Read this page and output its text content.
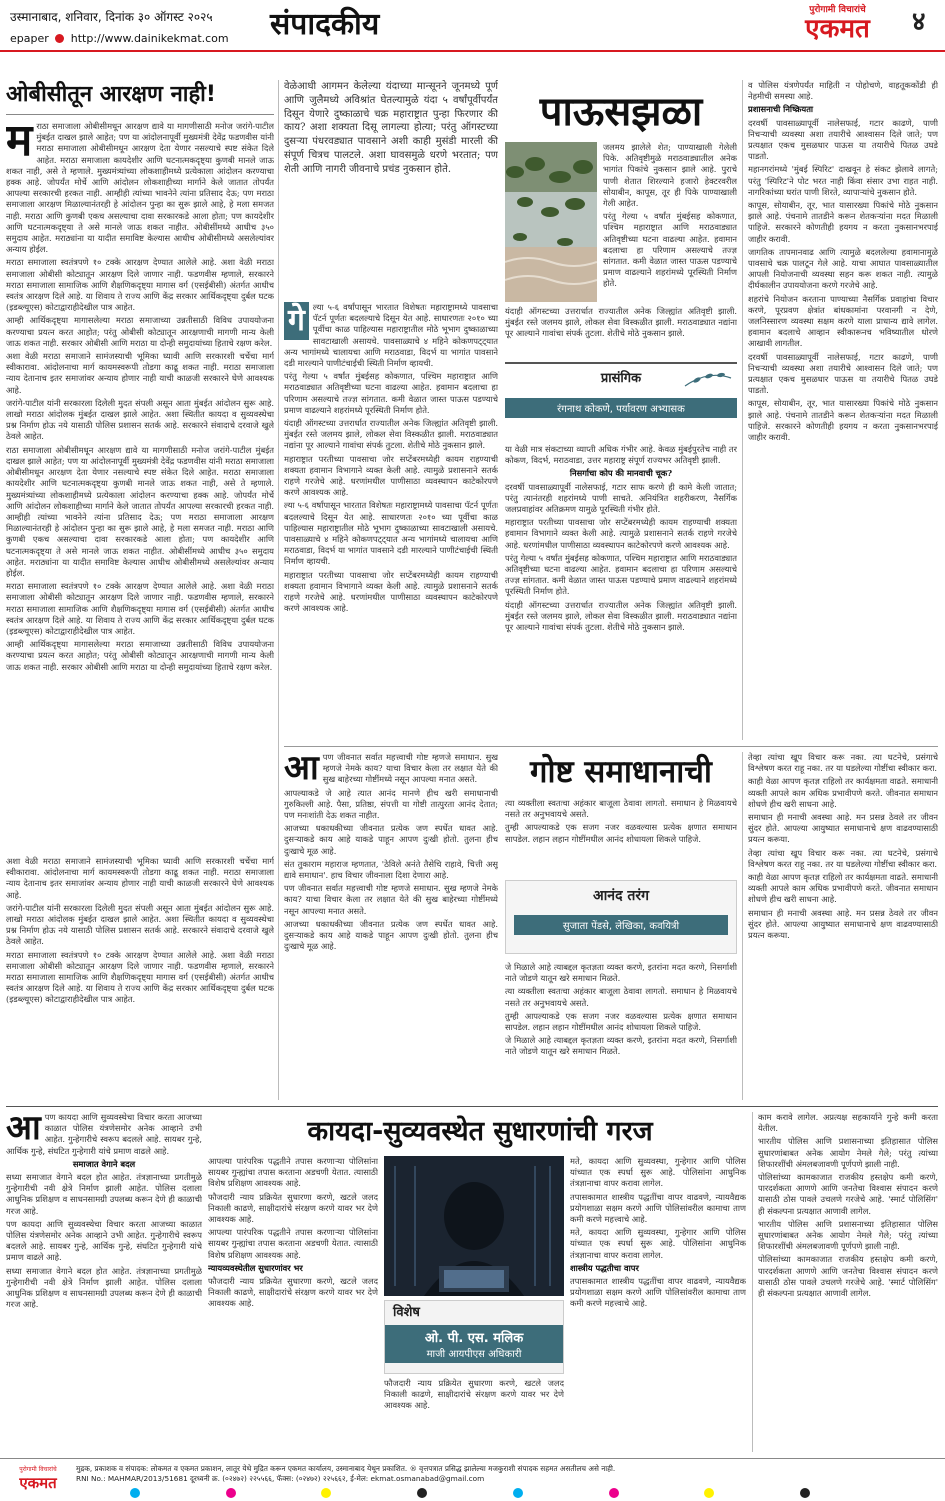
उस्मानाबाद, शनिवार, दिनांक ३० ऑगस्ट २०२५ संपादकीय
epaper http://www.dainikekmat.com
पुरोगामी विचारांचे
एकमत	४
ओबीसीतून आरक्षण नाही!
म राठा समाजाला ओबीसीमधून आरक्षण द्यावे या मागणीसाठी मनोज जरांगे-पाटील मुंबईत दाखल झाले आहेत; पण या आंदोलनापूर्वी मुख्यमंत्री देवेंद्र फडणवीस यांनी मराठा समाजाला ओबीसीमधून आरक्षण देता येणार नसल्याचे स्पष्ट संकेत दिले आहेत. मराठा समाजाला कायदेशीर आणि घटनात्मकदृष्ट्या कुणबी मानले जाऊ शकत नाही, असे ते म्हणाले. मुख्यमंत्र्यांच्या लोकशाहीमध्ये प्रत्येकाला आंदोलन करण्याचा हक्क आहे. जोपर्यंत मोर्चे आणि आंदोलन लोकशाहीच्या मार्गाने केले जातात तोपर्यंत आपल्या सरकारची हरकत नाही. आम्हीही त्यांच्या भावनेने त्यांना प्रतिसाद देऊ; पण मराठा समाजाला आरक्षण मिळाल्यानंतरही हे आंदोलन पुन्हा का सुरू झाले आहे, हे मला समजत नाही. मराठा आणि कुणबी एकच असल्याचा दावा सरकारकडे आला होता; पण कायदेशीर आणि घटनात्मकदृष्ट्या ते असे मानले जाऊ शकत नाहीत. ओबीसींमध्ये आधीच ३५० समुदाय आहेत. मराठ्यांना या यादीत समाविष्ट केल्यास आधीच ओबीसीमध्ये असलेल्यांवर अन्याय होईल.

मराठा समाजाला स्वतंत्रपणे १० टक्के आरक्षण देण्यात आलेले आहे. अशा वेळी मराठा समाजाला ओबीसी कोट्यातून आरक्षण दिले जाणार नाही. फडणवीस म्हणाले, सरकारने मराठा समाजाला सामाजिक आणि शैक्षणिकदृष्ट्या मागास वर्ग (एसईबीसी) अंतर्गत आधीच स्वतंत्र आरक्षण दिले आहे. या शिवाय ते राज्य आणि केंद्र सरकार आर्थिकदृष्ट्या दुर्बल घटक (इडब्ल्यूएस) कोटाद्वाराहीदेखील पात्र आहेत.

आम्ही आर्थिकदृष्ट्या मागासलेल्या मराठा समाजाच्या उन्नतीसाठी विविध उपाययोजना करण्याचा प्रयत्न करत आहोत; परंतु ओबीसी कोट्यातून आरक्षणाची मागणी मान्य केली जाऊ शकत नाही. सरकार ओबीसी आणि मराठा या दोन्ही समुदायांच्या हिताचे रक्षण करेल.

अशा वेळी मराठा समाजाने सामंजस्याची भूमिका घ्यावी आणि सरकारशी चर्चेचा मार्ग स्वीकारावा. आंदोलनाचा मार्ग कायमस्वरूपी तोडगा काढू शकत नाही. मराठा समाजाला न्याय देतानाच इतर समाजांवर अन्याय होणार नाही याची काळजी सरकारने घेणे आवश्यक आहे.

जरांगे-पाटील यांनी सरकारला दिलेली मुदत संपली असून आता मुंबईत आंदोलन सुरू आहे. लाखो मराठा आंदोलक मुंबईत दाखल झाले आहेत. अशा स्थितीत कायदा व सुव्यवस्थेचा प्रश्न निर्माण होऊ नये यासाठी पोलिस प्रशासन सतर्क आहे. सरकारने संवादाचे दरवाजे खुले ठेवले आहेत.

राठा समाजाला ओबीसीमधून आरक्षण द्यावे या मागणीसाठी मनोज जरांगे-पाटील मुंबईत दाखल झाले आहेत; पण या आंदोलनापूर्वी मुख्यमंत्री देवेंद्र फडणवीस यांनी मराठा समाजाला ओबीसीमधून आरक्षण देता येणार नसल्याचे स्पष्ट संकेत दिले आहेत. मराठा समाजाला कायदेशीर आणि घटनात्मकदृष्ट्या कुणबी मानले जाऊ शकत नाही, असे ते म्हणाले. मुख्यमंत्र्यांच्या लोकशाहीमध्ये प्रत्येकाला आंदोलन करण्याचा हक्क आहे. जोपर्यंत मोर्चे आणि आंदोलन लोकशाहीच्या मार्गाने केले जातात तोपर्यंत आपल्या सरकारची हरकत नाही. आम्हीही त्यांच्या भावनेने त्यांना प्रतिसाद देऊ; पण मराठा समाजाला आरक्षण मिळाल्यानंतरही हे आंदोलन पुन्हा का सुरू झाले आहे, हे मला समजत नाही. मराठा आणि कुणबी एकच असल्याचा दावा सरकारकडे आला होता; पण कायदेशीर आणि घटनात्मकदृष्ट्या ते असे मानले जाऊ शकत नाहीत. ओबीसींमध्ये आधीच ३५० समुदाय आहेत. मराठ्यांना या यादीत समाविष्ट केल्यास आधीच ओबीसीमध्ये असलेल्यांवर अन्याय होईल.

मराठा समाजाला स्वतंत्रपणे १० टक्के आरक्षण देण्यात आलेले आहे. अशा वेळी मराठा समाजाला ओबीसी कोट्यातून आरक्षण दिले जाणार नाही. फडणवीस म्हणाले, सरकारने मराठा समाजाला सामाजिक आणि शैक्षणिकदृष्ट्या मागास वर्ग (एसईबीसी) अंतर्गत आधीच स्वतंत्र आरक्षण दिले आहे. या शिवाय ते राज्य आणि केंद्र सरकार आर्थिकदृष्ट्या दुर्बल घटक (इडब्ल्यूएस) कोटाद्वाराहीदेखील पात्र आहेत.

आम्ही आर्थिकदृष्ट्या मागासलेल्या मराठा समाजाच्या उन्नतीसाठी विविध उपाययोजना करण्याचा प्रयत्न करत आहोत; परंतु ओबीसी कोट्यातून आरक्षणाची मागणी मान्य केली जाऊ शकत नाही. सरकार ओबीसी आणि मराठा या दोन्ही समुदायांच्या हिताचे रक्षण करेल.

वेळेआधी आगमन केलेल्या यंदाच्या मान्सूनने जूनमध्ये पूर्ण आणि जुलैमध्ये अविश्रांत घेतल्यामुळे यंदा ५ वर्षांपूर्वीपर्यंत दिसून येणारे दुष्काळाचे चक्र महाराष्ट्रात पुन्हा फिरणार की काय? अशा शक्यता दिसू लागल्या होत्या; परंतु ऑगस्टच्या दुसऱ्या पंधरवड्यात पावसाने अशी काही मुसंडी मारली की संपूर्ण चित्रच पालटले. अशा घावसमुळे धरणे भरतात; पण शेती आणि नागरी जीवनाचे प्रचंड नुकसान होते.

पाऊसझळा

जलमय झालेले शेत; पाण्याखाली गेलेली पिके. अतिवृष्टीमुळे मराठवाड्यातील अनेक भागांत पिकांचे नुकसान झाले आहे. पुराचे पाणी शेतात शिरल्याने हजारो हेक्टरवरील सोयाबीन, कापूस, तूर ही पिके पाण्याखाली गेली आहेत.

परंतु गेल्या ५ वर्षांत मुंबईसह कोकणात, पश्चिम महाराष्ट्रात आणि मराठवाड्यात अतिवृष्टीच्या घटना वाढल्या आहेत. हवामान बदलाचा हा परिणाम असल्याचे तज्ज्ञ सांगतात. कमी वेळात जास्त पाऊस पडण्याचे प्रमाण वाढल्याने शहरांमध्ये पूरस्थिती निर्माण होते.

यंदाही ऑगस्टच्या उत्तरार्धात राज्यातील अनेक जिल्ह्यांत अतिवृष्टी झाली. मुंबईत रस्ते जलमय झाले, लोकल सेवा विस्कळीत झाली. मराठवाड्यात नद्यांना पूर आल्याने गावांचा संपर्क तुटला. शेतीचे मोठे नुकसान झाले.

गे ल्या ५-६ वर्षांपासून भारतात विशेषतः महाराष्ट्रामध्ये पावसाचा पॅटर्न पूर्णतः बदलल्याचे दिसून येत आहे. साधारणतः २०१० च्या पूर्वीचा काळ पाहिल्यास महाराष्ट्रातील मोठे भूभाग दुष्काळाच्या सावटाखाली असायचे. पावसाळ्याचे ४ महिने कोकणपट्ट्यात अन्य भागांमध्ये चालायचा आणि मराठवाडा, विदर्भ या भागांत पावसाने दडी मारल्याने पाणीटंचाईची स्थिती निर्माण व्हायची.

परंतु गेल्या ५ वर्षांत मुंबईसह कोकणात, पश्चिम महाराष्ट्रात आणि मराठवाड्यात अतिवृष्टीच्या घटना वाढल्या आहेत. हवामान बदलाचा हा परिणाम असल्याचे तज्ज्ञ सांगतात. कमी वेळात जास्त पाऊस पडण्याचे प्रमाण वाढल्याने शहरांमध्ये पूरस्थिती निर्माण होते.

यंदाही ऑगस्टच्या उत्तरार्धात राज्यातील अनेक जिल्ह्यांत अतिवृष्टी झाली. मुंबईत रस्ते जलमय झाले, लोकल सेवा विस्कळीत झाली. मराठवाड्यात नद्यांना पूर आल्याने गावांचा संपर्क तुटला. शेतीचे मोठे नुकसान झाले.

महाराष्ट्रात परतीच्या पावसाचा जोर सप्टेंबरमध्येही कायम राहण्याची शक्यता हवामान विभागाने व्यक्त केली आहे. त्यामुळे प्रशासनाने सतर्क राहणे गरजेचे आहे. धरणांमधील पाणीसाठा व्यवस्थापन काटेकोरपणे करणे आवश्यक आहे.

ल्या ५-६ वर्षांपासून भारतात विशेषतः महाराष्ट्रामध्ये पावसाचा पॅटर्न पूर्णतः बदलल्याचे दिसून येत आहे. साधारणतः २०१० च्या पूर्वीचा काळ पाहिल्यास महाराष्ट्रातील मोठे भूभाग दुष्काळाच्या सावटाखाली असायचे. पावसाळ्याचे ४ महिने कोकणपट्ट्यात अन्य भागांमध्ये चालायचा आणि मराठवाडा, विदर्भ या भागांत पावसाने दडी मारल्याने पाणीटंचाईची स्थिती निर्माण व्हायची.

महाराष्ट्रात परतीच्या पावसाचा जोर सप्टेंबरमध्येही कायम राहण्याची शक्यता हवामान विभागाने व्यक्त केली आहे. त्यामुळे प्रशासनाने सतर्क राहणे गरजेचे आहे. धरणांमधील पाणीसाठा व्यवस्थापन काटेकोरपणे करणे आवश्यक आहे.

प्रासंगिक
रंगनाथ कोकणे, पर्यावरण अभ्यासक

या वेळी मात्र संकटाच्या व्याप्ती अधिक गंभीर आहे. केवळ मुंबईपुरतेच नाही तर कोकण, विदर्भ, मराठवाडा, उत्तर महाराष्ट्र संपूर्ण राज्यभर अतिवृष्टी झाली.

निसर्गाचा कोप की मानवाची चूक?

दरवर्षी पावसाळ्यापूर्वी नालेसफाई, गटार साफ करणे ही कामे केली जातात; परंतु त्यानंतरही शहरांमध्ये पाणी साचते. अनियंत्रित शहरीकरण, नैसर्गिक जलप्रवाहांवर अतिक्रमण यामुळे पूरस्थिती गंभीर होते.

महाराष्ट्रात परतीच्या पावसाचा जोर सप्टेंबरमध्येही कायम राहण्याची शक्यता हवामान विभागाने व्यक्त केली आहे. त्यामुळे प्रशासनाने सतर्क राहणे गरजेचे आहे. धरणांमधील पाणीसाठा व्यवस्थापन काटेकोरपणे करणे आवश्यक आहे.

परंतु गेल्या ५ वर्षांत मुंबईसह कोकणात, पश्चिम महाराष्ट्रात आणि मराठवाड्यात अतिवृष्टीच्या घटना वाढल्या आहेत. हवामान बदलाचा हा परिणाम असल्याचे तज्ज्ञ सांगतात. कमी वेळात जास्त पाऊस पडण्याचे प्रमाण वाढल्याने शहरांमध्ये पूरस्थिती निर्माण होते.

यंदाही ऑगस्टच्या उत्तरार्धात राज्यातील अनेक जिल्ह्यांत अतिवृष्टी झाली. मुंबईत रस्ते जलमय झाले, लोकल सेवा विस्कळीत झाली. मराठवाड्यात नद्यांना पूर आल्याने गावांचा संपर्क तुटला. शेतीचे मोठे नुकसान झाले.

व पोलिस यंत्रणेपर्यंत माहिती न पोहोचणे, वाहतूककोंडी ही नेहमीची समस्या आहे.

प्रशासनाची निष्क्रियता

दरवर्षी पावसाळ्यापूर्वी नालेसफाई, गटार काढणे, पाणी निचऱ्याची व्यवस्था अशा तयारीचे आश्वासन दिले जाते; पण प्रत्यक्षात एकच मुसळधार पाऊस या तयारीचे पितळ उघडे पाडतो.

महानगरांमध्ये 'मुंबई स्पिरिट' दाखवून हे संकट झेलावे लागते; परंतु 'स्पिरिट'ने पोट भरत नाही किंवा संसार उभा राहत नाही. नागरिकांच्या घरांत पाणी शिरते, व्यापाऱ्यांचे नुकसान होते.

कापूस, सोयाबीन, तूर, भात यासारख्या पिकांचे मोठे नुकसान झाले आहे. पंचनामे तातडीने करून शेतकऱ्यांना मदत मिळाली पाहिजे. सरकारने कोणतीही हयगय न करता नुकसानभरपाई जाहीर करावी.

जागतिक तापमानवाढ आणि त्यामुळे बदललेल्या हवामानामुळे पावसाचे चक्र पालटून गेले आहे. याचा आघात पावसाळ्यातील आपली नियोजनाची व्यवस्था सहन करू शकत नाही. त्यामुळे दीर्घकालीन उपाययोजना करणे गरजेचे आहे.

शहरांचे नियोजन करताना पाण्याच्या नैसर्गिक प्रवाहांचा विचार करणे, पूरप्रवण क्षेत्रांत बांधकामांना परवानगी न देणे, जलनिस्सारण व्यवस्था सक्षम करणे याला प्राधान्य द्यावे लागेल. हवामान बदलाचे आव्हान स्वीकारूनच भविष्यातील धोरणे आखावी लागतील.

दरवर्षी पावसाळ्यापूर्वी नालेसफाई, गटार काढणे, पाणी निचऱ्याची व्यवस्था अशा तयारीचे आश्वासन दिले जाते; पण प्रत्यक्षात एकच मुसळधार पाऊस या तयारीचे पितळ उघडे पाडतो.

कापूस, सोयाबीन, तूर, भात यासारख्या पिकांचे मोठे नुकसान झाले आहे. पंचनामे तातडीने करून शेतकऱ्यांना मदत मिळाली पाहिजे. सरकारने कोणतीही हयगय न करता नुकसानभरपाई जाहीर करावी.

आ पण जीवनात सर्वात महत्त्वाची गोष्ट म्हणजे समाधान. सुख म्हणजे नेमके काय? याचा विचार केला तर लक्षात येते की सुख बाहेरच्या गोष्टींमध्ये नसून आपल्या मनात असते.

आपल्याकडे जे आहे त्यात आनंद मानणे हीच खरी समाधानाची गुरुकिल्ली आहे. पैसा, प्रतिष्ठा, संपत्ती या गोष्टी तात्पुरता आनंद देतात; पण मनःशांती देऊ शकत नाहीत.

आजच्या धकाधकीच्या जीवनात प्रत्येक जण स्पर्धेत धावत आहे. दुसऱ्याकडे काय आहे याकडे पाहून आपण दुःखी होतो. तुलना हीच दुःखाचे मूळ आहे.

संत तुकाराम महाराज म्हणतात, 'ठेविले अनंते तैसेचि राहावे, चित्ती असू द्यावे समाधान'. हाच विचार जीवनाला दिशा देणारा आहे.

पण जीवनात सर्वात महत्त्वाची गोष्ट म्हणजे समाधान. सुख म्हणजे नेमके काय? याचा विचार केला तर लक्षात येते की सुख बाहेरच्या गोष्टींमध्ये नसून आपल्या मनात असते.

आजच्या धकाधकीच्या जीवनात प्रत्येक जण स्पर्धेत धावत आहे. दुसऱ्याकडे काय आहे याकडे पाहून आपण दुःखी होतो. तुलना हीच दुःखाचे मूळ आहे.

गोष्ट समाधानाची

त्या व्यक्तीला स्वतःचा अहंकार बाजूला ठेवावा लागतो. समाधान हे मिळवायचे नसते तर अनुभवायचे असते.

तुम्ही आपल्याकडे एक सजग नजर वळवल्यास प्रत्येक क्षणात समाधान सापडेल. लहान लहान गोष्टींमधील आनंद शोधायला शिकले पाहिजे.

आनंद तरंग
सुजाता पेंडसे, लेखिका, कवयित्री

जे मिळाले आहे त्याबद्दल कृतज्ञता व्यक्त करणे, इतरांना मदत करणे, निसर्गाशी नाते जोडणे यातून खरे समाधान मिळते.

त्या व्यक्तीला स्वतःचा अहंकार बाजूला ठेवावा लागतो. समाधान हे मिळवायचे नसते तर अनुभवायचे असते.

तुम्ही आपल्याकडे एक सजग नजर वळवल्यास प्रत्येक क्षणात समाधान सापडेल. लहान लहान गोष्टींमधील आनंद शोधायला शिकले पाहिजे.

जे मिळाले आहे त्याबद्दल कृतज्ञता व्यक्त करणे, इतरांना मदत करणे, निसर्गाशी नाते जोडणे यातून खरे समाधान मिळते.

तेव्हा त्यांचा खूप विचार करू नका. त्या घटनेचे, प्रसंगाचे विश्लेषण करत राहू नका. तर या घडलेल्या गोष्टींचा स्वीकार करा.

काही वेळा आपण कृतज्ञ राहिलो तर कार्यक्षमता वाढते. समाधानी व्यक्ती आपले काम अधिक प्रभावीपणे करते. जीवनात समाधान शोधणे हीच खरी साधना आहे.

समाधान ही मनाची अवस्था आहे. मन प्रसन्न ठेवले तर जीवन सुंदर होते. आपल्या आयुष्यात समाधानाचे क्षण वाढवण्यासाठी प्रयत्न करूया.

तेव्हा त्यांचा खूप विचार करू नका. त्या घटनेचे, प्रसंगाचे विश्लेषण करत राहू नका. तर या घडलेल्या गोष्टींचा स्वीकार करा.

काही वेळा आपण कृतज्ञ राहिलो तर कार्यक्षमता वाढते. समाधानी व्यक्ती आपले काम अधिक प्रभावीपणे करते. जीवनात समाधान शोधणे हीच खरी साधना आहे.

समाधान ही मनाची अवस्था आहे. मन प्रसन्न ठेवले तर जीवन सुंदर होते. आपल्या आयुष्यात समाधानाचे क्षण वाढवण्यासाठी प्रयत्न करूया.

अशा वेळी मराठा समाजाने सामंजस्याची भूमिका घ्यावी आणि सरकारशी चर्चेचा मार्ग स्वीकारावा. आंदोलनाचा मार्ग कायमस्वरूपी तोडगा काढू शकत नाही. मराठा समाजाला न्याय देतानाच इतर समाजांवर अन्याय होणार नाही याची काळजी सरकारने घेणे आवश्यक आहे.

जरांगे-पाटील यांनी सरकारला दिलेली मुदत संपली असून आता मुंबईत आंदोलन सुरू आहे. लाखो मराठा आंदोलक मुंबईत दाखल झाले आहेत. अशा स्थितीत कायदा व सुव्यवस्थेचा प्रश्न निर्माण होऊ नये यासाठी पोलिस प्रशासन सतर्क आहे. सरकारने संवादाचे दरवाजे खुले ठेवले आहेत.

मराठा समाजाला स्वतंत्रपणे १० टक्के आरक्षण देण्यात आलेले आहे. अशा वेळी मराठा समाजाला ओबीसी कोट्यातून आरक्षण दिले जाणार नाही. फडणवीस म्हणाले, सरकारने मराठा समाजाला सामाजिक आणि शैक्षणिकदृष्ट्या मागास वर्ग (एसईबीसी) अंतर्गत आधीच स्वतंत्र आरक्षण दिले आहे. या शिवाय ते राज्य आणि केंद्र सरकार आर्थिकदृष्ट्या दुर्बल घटक (इडब्ल्यूएस) कोटाद्वाराहीदेखील पात्र आहेत.

कायदा-सुव्यवस्थेत सुधारणांची गरज
आ पण कायदा आणि सुव्यवस्थेचा विचार करता आजच्या काळात पोलिस यंत्रणेसमोर अनेक आव्हाने उभी आहेत. गुन्हेगारीचे स्वरूप बदलले आहे. सायबर गुन्हे, आर्थिक गुन्हे, संघटित गुन्हेगारी यांचे प्रमाण वाढले आहे.

समाजात वेगाने बदल

सध्या समाजात वेगाने बदल होत आहेत. तंत्रज्ञानाच्या प्रगतीमुळे गुन्हेगारीची नवी क्षेत्रे निर्माण झाली आहेत. पोलिस दलाला आधुनिक प्रशिक्षण व साधनसामग्री उपलब्ध करून देणे ही काळाची गरज आहे.

पण कायदा आणि सुव्यवस्थेचा विचार करता आजच्या काळात पोलिस यंत्रणेसमोर अनेक आव्हाने उभी आहेत. गुन्हेगारीचे स्वरूप बदलले आहे. सायबर गुन्हे, आर्थिक गुन्हे, संघटित गुन्हेगारी यांचे प्रमाण वाढले आहे.

सध्या समाजात वेगाने बदल होत आहेत. तंत्रज्ञानाच्या प्रगतीमुळे गुन्हेगारीची नवी क्षेत्रे निर्माण झाली आहेत. पोलिस दलाला आधुनिक प्रशिक्षण व साधनसामग्री उपलब्ध करून देणे ही काळाची गरज आहे.

आपल्या पारंपरिक पद्धतीने तपास करणाऱ्या पोलिसांना सायबर गुन्ह्यांचा तपास करताना अडचणी येतात. त्यासाठी विशेष प्रशिक्षण आवश्यक आहे.

फौजदारी न्याय प्रक्रियेत सुधारणा करणे, खटले जलद निकाली काढणे, साक्षीदारांचे संरक्षण करणे यावर भर देणे आवश्यक आहे.

आपल्या पारंपरिक पद्धतीने तपास करणाऱ्या पोलिसांना सायबर गुन्ह्यांचा तपास करताना अडचणी येतात. त्यासाठी विशेष प्रशिक्षण आवश्यक आहे.

न्यायव्यवस्थेतील सुधारणांवर भर

फौजदारी न्याय प्रक्रियेत सुधारणा करणे, खटले जलद निकाली काढणे, साक्षीदारांचे संरक्षण करणे यावर भर देणे आवश्यक आहे.

विशेष
ओ. पी. एस. मलिक
माजी आयपीएस अधिकारी

फौजदारी न्याय प्रक्रियेत सुधारणा करणे, खटले जलद निकाली काढणे, साक्षीदारांचे संरक्षण करणे यावर भर देणे आवश्यक आहे.

मते, कायदा आणि सुव्यवस्था, गुन्हेगार आणि पोलिस यांच्यात एक स्पर्धा सुरू आहे. पोलिसांना आधुनिक तंत्रज्ञानाचा वापर करावा लागेल.

तपासकामात शास्त्रीय पद्धतींचा वापर वाढवणे, न्यायवैद्यक प्रयोगशाळा सक्षम करणे आणि पोलिसांवरील कामाचा ताण कमी करणे महत्त्वाचे आहे.

मते, कायदा आणि सुव्यवस्था, गुन्हेगार आणि पोलिस यांच्यात एक स्पर्धा सुरू आहे. पोलिसांना आधुनिक तंत्रज्ञानाचा वापर करावा लागेल.

शास्त्रीय पद्धतीचा वापर

तपासकामात शास्त्रीय पद्धतींचा वापर वाढवणे, न्यायवैद्यक प्रयोगशाळा सक्षम करणे आणि पोलिसांवरील कामाचा ताण कमी करणे महत्त्वाचे आहे.

काम करावे लागेल. अप्रत्यक्ष सहकार्याने गुन्हे कमी करता येतील.

भारतीय पोलिस आणि प्रशासनाच्या इतिहासात पोलिस सुधारणांबाबत अनेक आयोग नेमले गेले; परंतु त्यांच्या शिफारशींची अंमलबजावणी पूर्णपणे झाली नाही.

पोलिसांच्या कामकाजात राजकीय हस्तक्षेप कमी करणे, पारदर्शकता आणणे आणि जनतेचा विश्वास संपादन करणे यासाठी ठोस पावले उचलणे गरजेचे आहे. 'स्मार्ट पोलिसिंग' ही संकल्पना प्रत्यक्षात आणावी लागेल.

भारतीय पोलिस आणि प्रशासनाच्या इतिहासात पोलिस सुधारणांबाबत अनेक आयोग नेमले गेले; परंतु त्यांच्या शिफारशींची अंमलबजावणी पूर्णपणे झाली नाही.

पोलिसांच्या कामकाजात राजकीय हस्तक्षेप कमी करणे, पारदर्शकता आणणे आणि जनतेचा विश्वास संपादन करणे यासाठी ठोस पावले उचलणे गरजेचे आहे. 'स्मार्ट पोलिसिंग' ही संकल्पना प्रत्यक्षात आणावी लागेल.

पुरोगामी विचारांचे
एकमत
मुद्रक, प्रकाशक व संपादक: लोकमत व एकमत प्रकाशन, लातूर येथे मुद्रित करून एकमत कार्यालय, उस्मानाबाद येथून प्रकाशित. ® वृत्तपत्रात प्रसिद्ध झालेल्या मजकुराशी संपादक सहमत असतीलच असे नाही.
RNI No.: MAHMAR/2013/51681 दूरध्वनी क्र. (०२४७२) २२५५६६, फॅक्स: (०२४७२) २२५६६२, ई-मेल: ekmat.osmanabad@gmail.com
